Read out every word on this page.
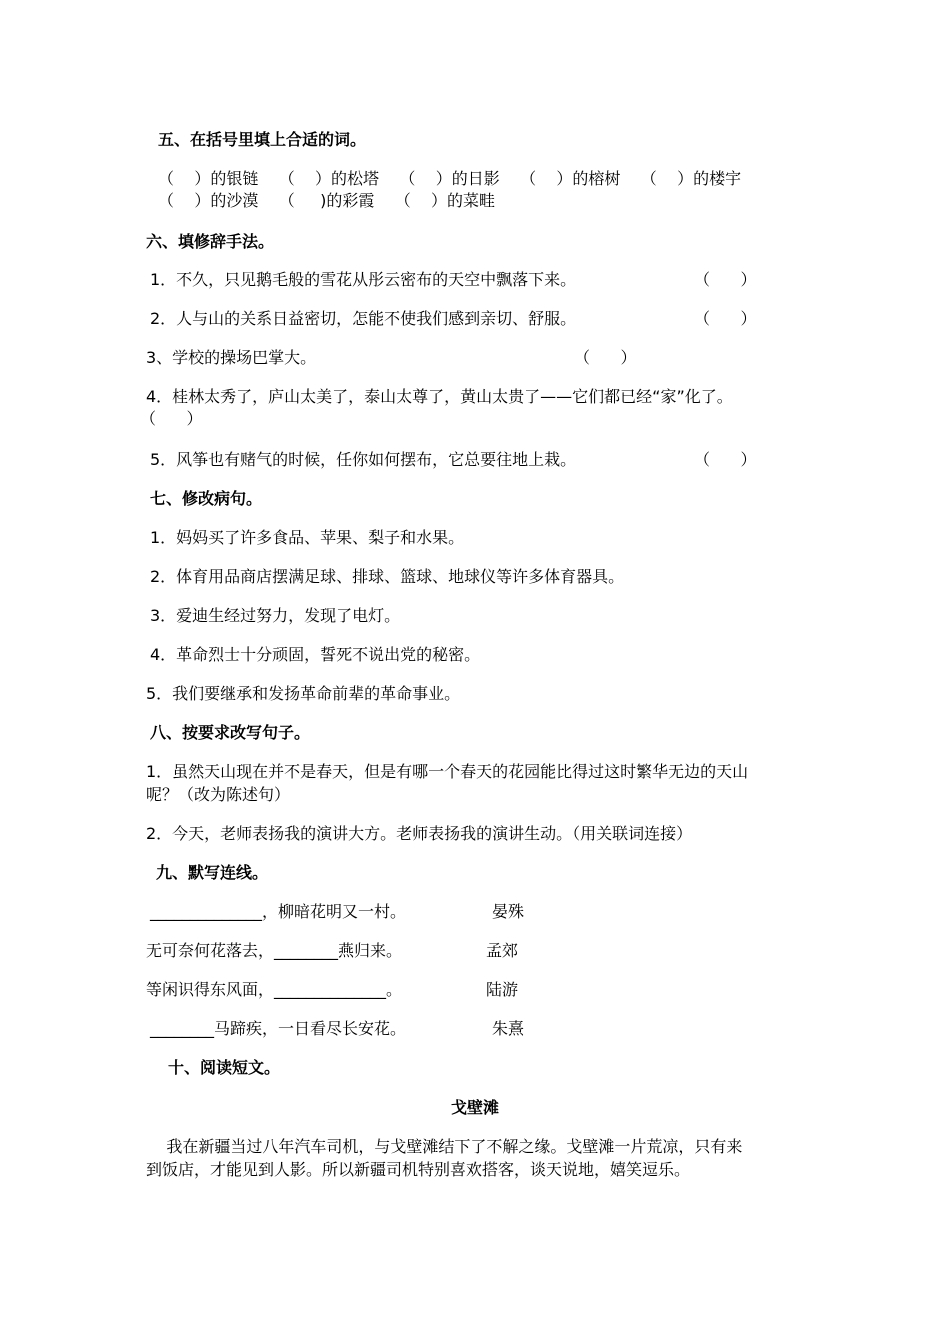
五、在括号里填上合适的词。

（    ）的银链    （    ）的松塔    （    ）的日影    （    ）的榕树    （    ）的楼宇

（    ）的沙漠    （     )的彩霞    （    ）的菜畦

六、填修辞手法。

1．不久，只见鹅毛般的雪花从彤云密布的天空中飘落下来。	（      ）

2．人与山的关系日益密切，怎能不使我们感到亲切、舒服。	（      ）

3、学校的操场巴掌大。	（      ）

4．桂林太秀了，庐山太美了，泰山太尊了，黄山太贵了——它们都已经“家”化了。

（      ）

5．风筝也有赌气的时候，任你如何摆布，它总要往地上栽。	（      ）

七、修改病句。

1．妈妈买了许多食品、苹果、梨子和水果。

2．体育用品商店摆满足球、排球、篮球、地球仪等许多体育器具。

3．爱迪生经过努力，发现了电灯。

4．革命烈士十分顽固，誓死不说出党的秘密。

5．我们要继承和发扬革命前辈的革命事业。

八、按要求改写句子。

1．虽然天山现在并不是春天，但是有哪一个春天的花园能比得过这时繁华无边的天山

呢？（改为陈述句）

2．今天，老师表扬我的演讲大方。老师表扬我的演讲生动。（用关联词连接）

九、默写连线。

______________，柳暗花明又一村。	晏殊

无可奈何花落去，________燕归来。	孟郊

等闲识得东风面，______________。	陆游

________马蹄疾，一日看尽长安花。	朱熹

十、阅读短文。

戈壁滩

我在新疆当过八年汽车司机，与戈壁滩结下了不解之缘。戈壁滩一片荒凉，只有来

到饭店，才能见到人影。所以新疆司机特别喜欢搭客，谈天说地，嬉笑逗乐。
